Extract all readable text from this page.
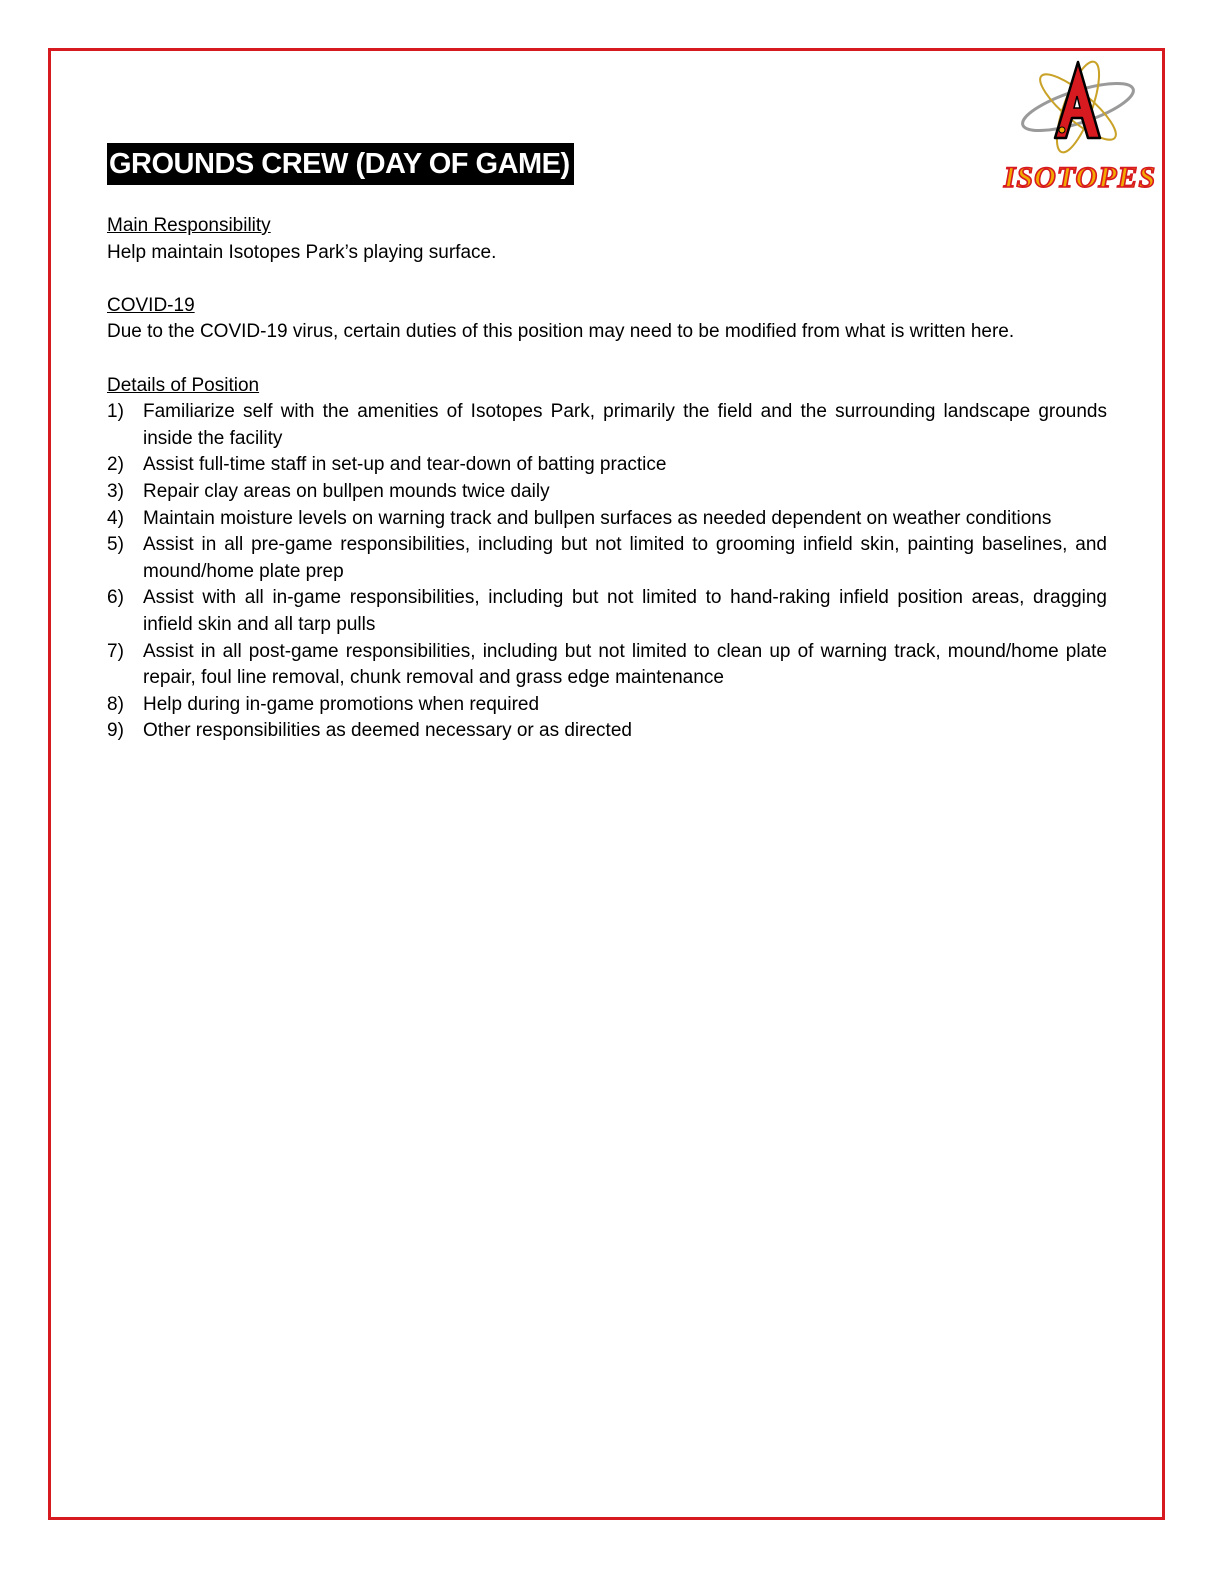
ISOTOPES
GROUNDS CREW (DAY OF GAME)

Main Responsibility

Help maintain Isotopes Park’s playing surface.

COVID-19

Due to the COVID-19 virus, certain duties of this position may need to be modified from what is written here.

Details of Position

1)	Familiarize self with the amenities of Isotopes Park, primarily the field and the surrounding landscape grounds inside the facility
2)	Assist full-time staff in set-up and tear-down of batting practice
3)	Repair clay areas on bullpen mounds twice daily
4)	Maintain moisture levels on warning track and bullpen surfaces as needed dependent on weather conditions
5)	Assist in all pre-game responsibilities, including but not limited to grooming infield skin, painting baselines, and mound/home plate prep
6)	Assist with all in-game responsibilities, including but not limited to hand-raking infield position areas, dragging infield skin and all tarp pulls
7)	Assist in all post-game responsibilities, including but not limited to clean up of warning track, mound/home plate repair, foul line removal, chunk removal and grass edge maintenance
8)	Help during in-game promotions when required
9)	Other responsibilities as deemed necessary or as directed
